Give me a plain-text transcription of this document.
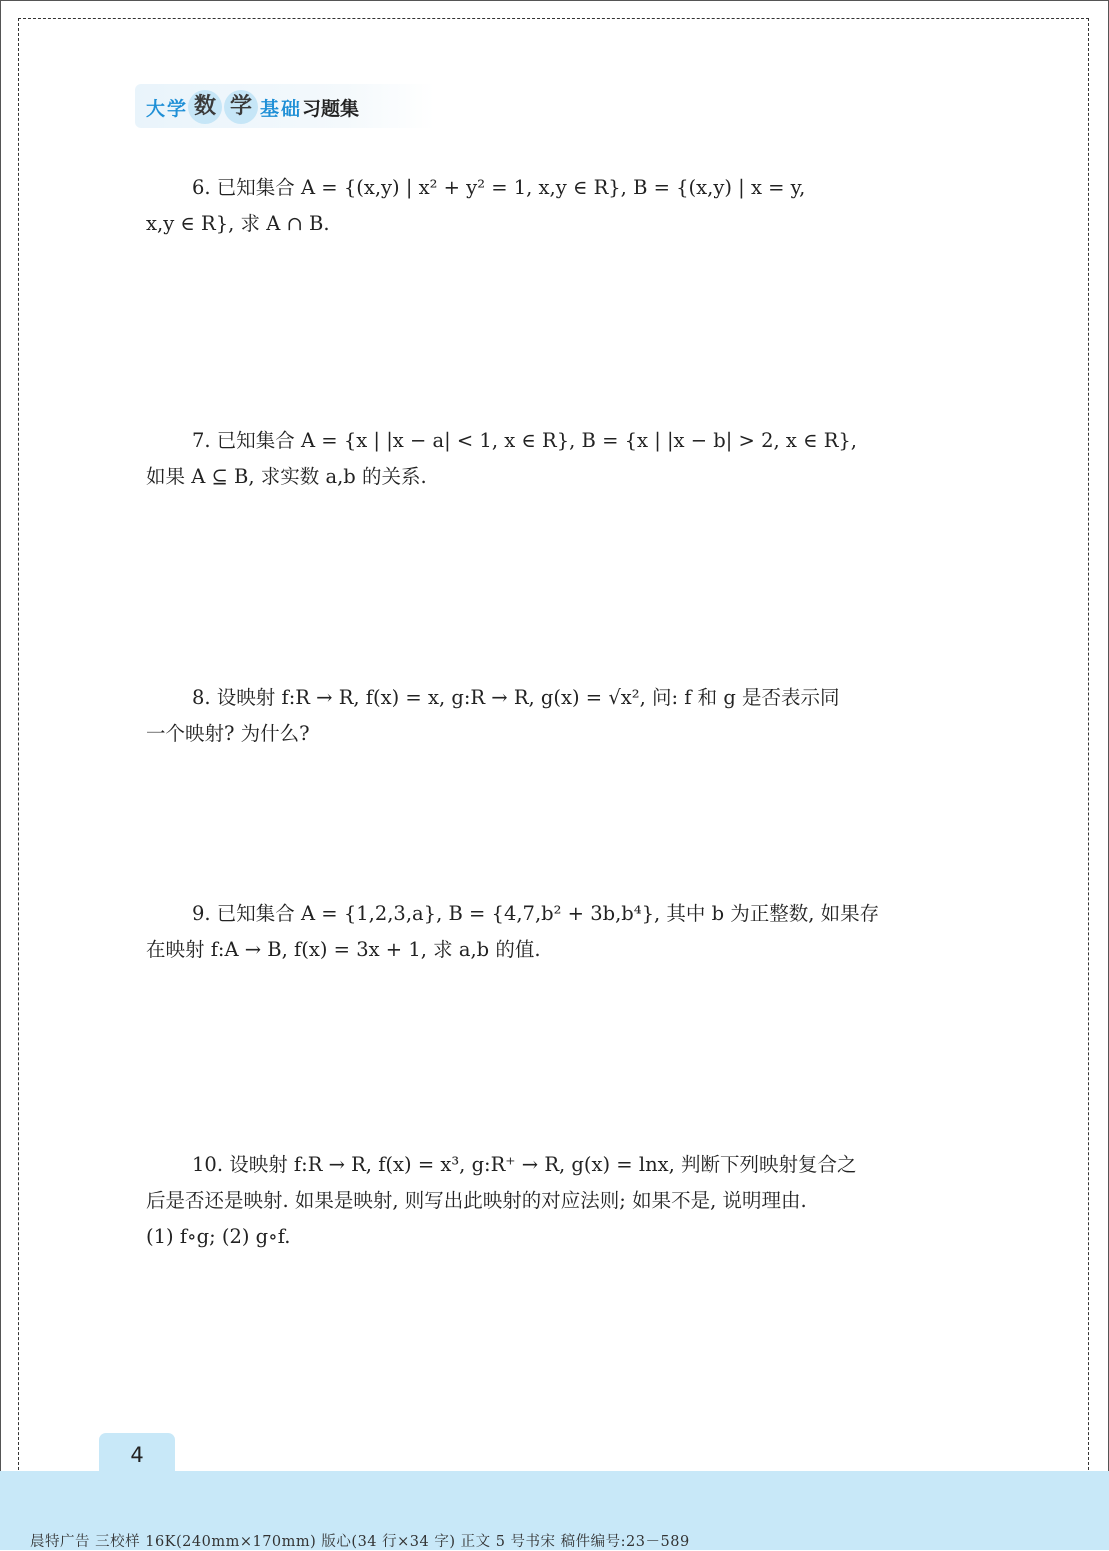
大学 数 学 基础 习题集

6. 已知集合 A = {(x,y) | x² + y² = 1, x,y ∈ R}, B = {(x,y) | x = y,

x,y ∈ R}, 求 A ∩ B.

7. 已知集合 A = {x | |x − a| < 1, x ∈ R}, B = {x | |x − b| > 2, x ∈ R},

如果 A ⊆ B, 求实数 a,b 的关系.

8. 设映射 f:R → R, f(x) = x, g:R → R, g(x) = √x², 问: f 和 g 是否表示同

一个映射? 为什么?

9. 已知集合 A = {1,2,3,a}, B = {4,7,b² + 3b,b⁴}, 其中 b 为正整数, 如果存

在映射 f:A → B, f(x) = 3x + 1, 求 a,b 的值.

10. 设映射 f:R → R, f(x) = x³, g:R⁺ → R, g(x) = lnx, 判断下列映射复合之

后是否还是映射. 如果是映射, 则写出此映射的对应法则; 如果不是, 说明理由.

(1) f∘g; (2) g∘f.

4
晨特广告 三校样 16K(240mm×170mm) 版心(34 行×34 字) 正文 5 号书宋 稿件编号:23－589
